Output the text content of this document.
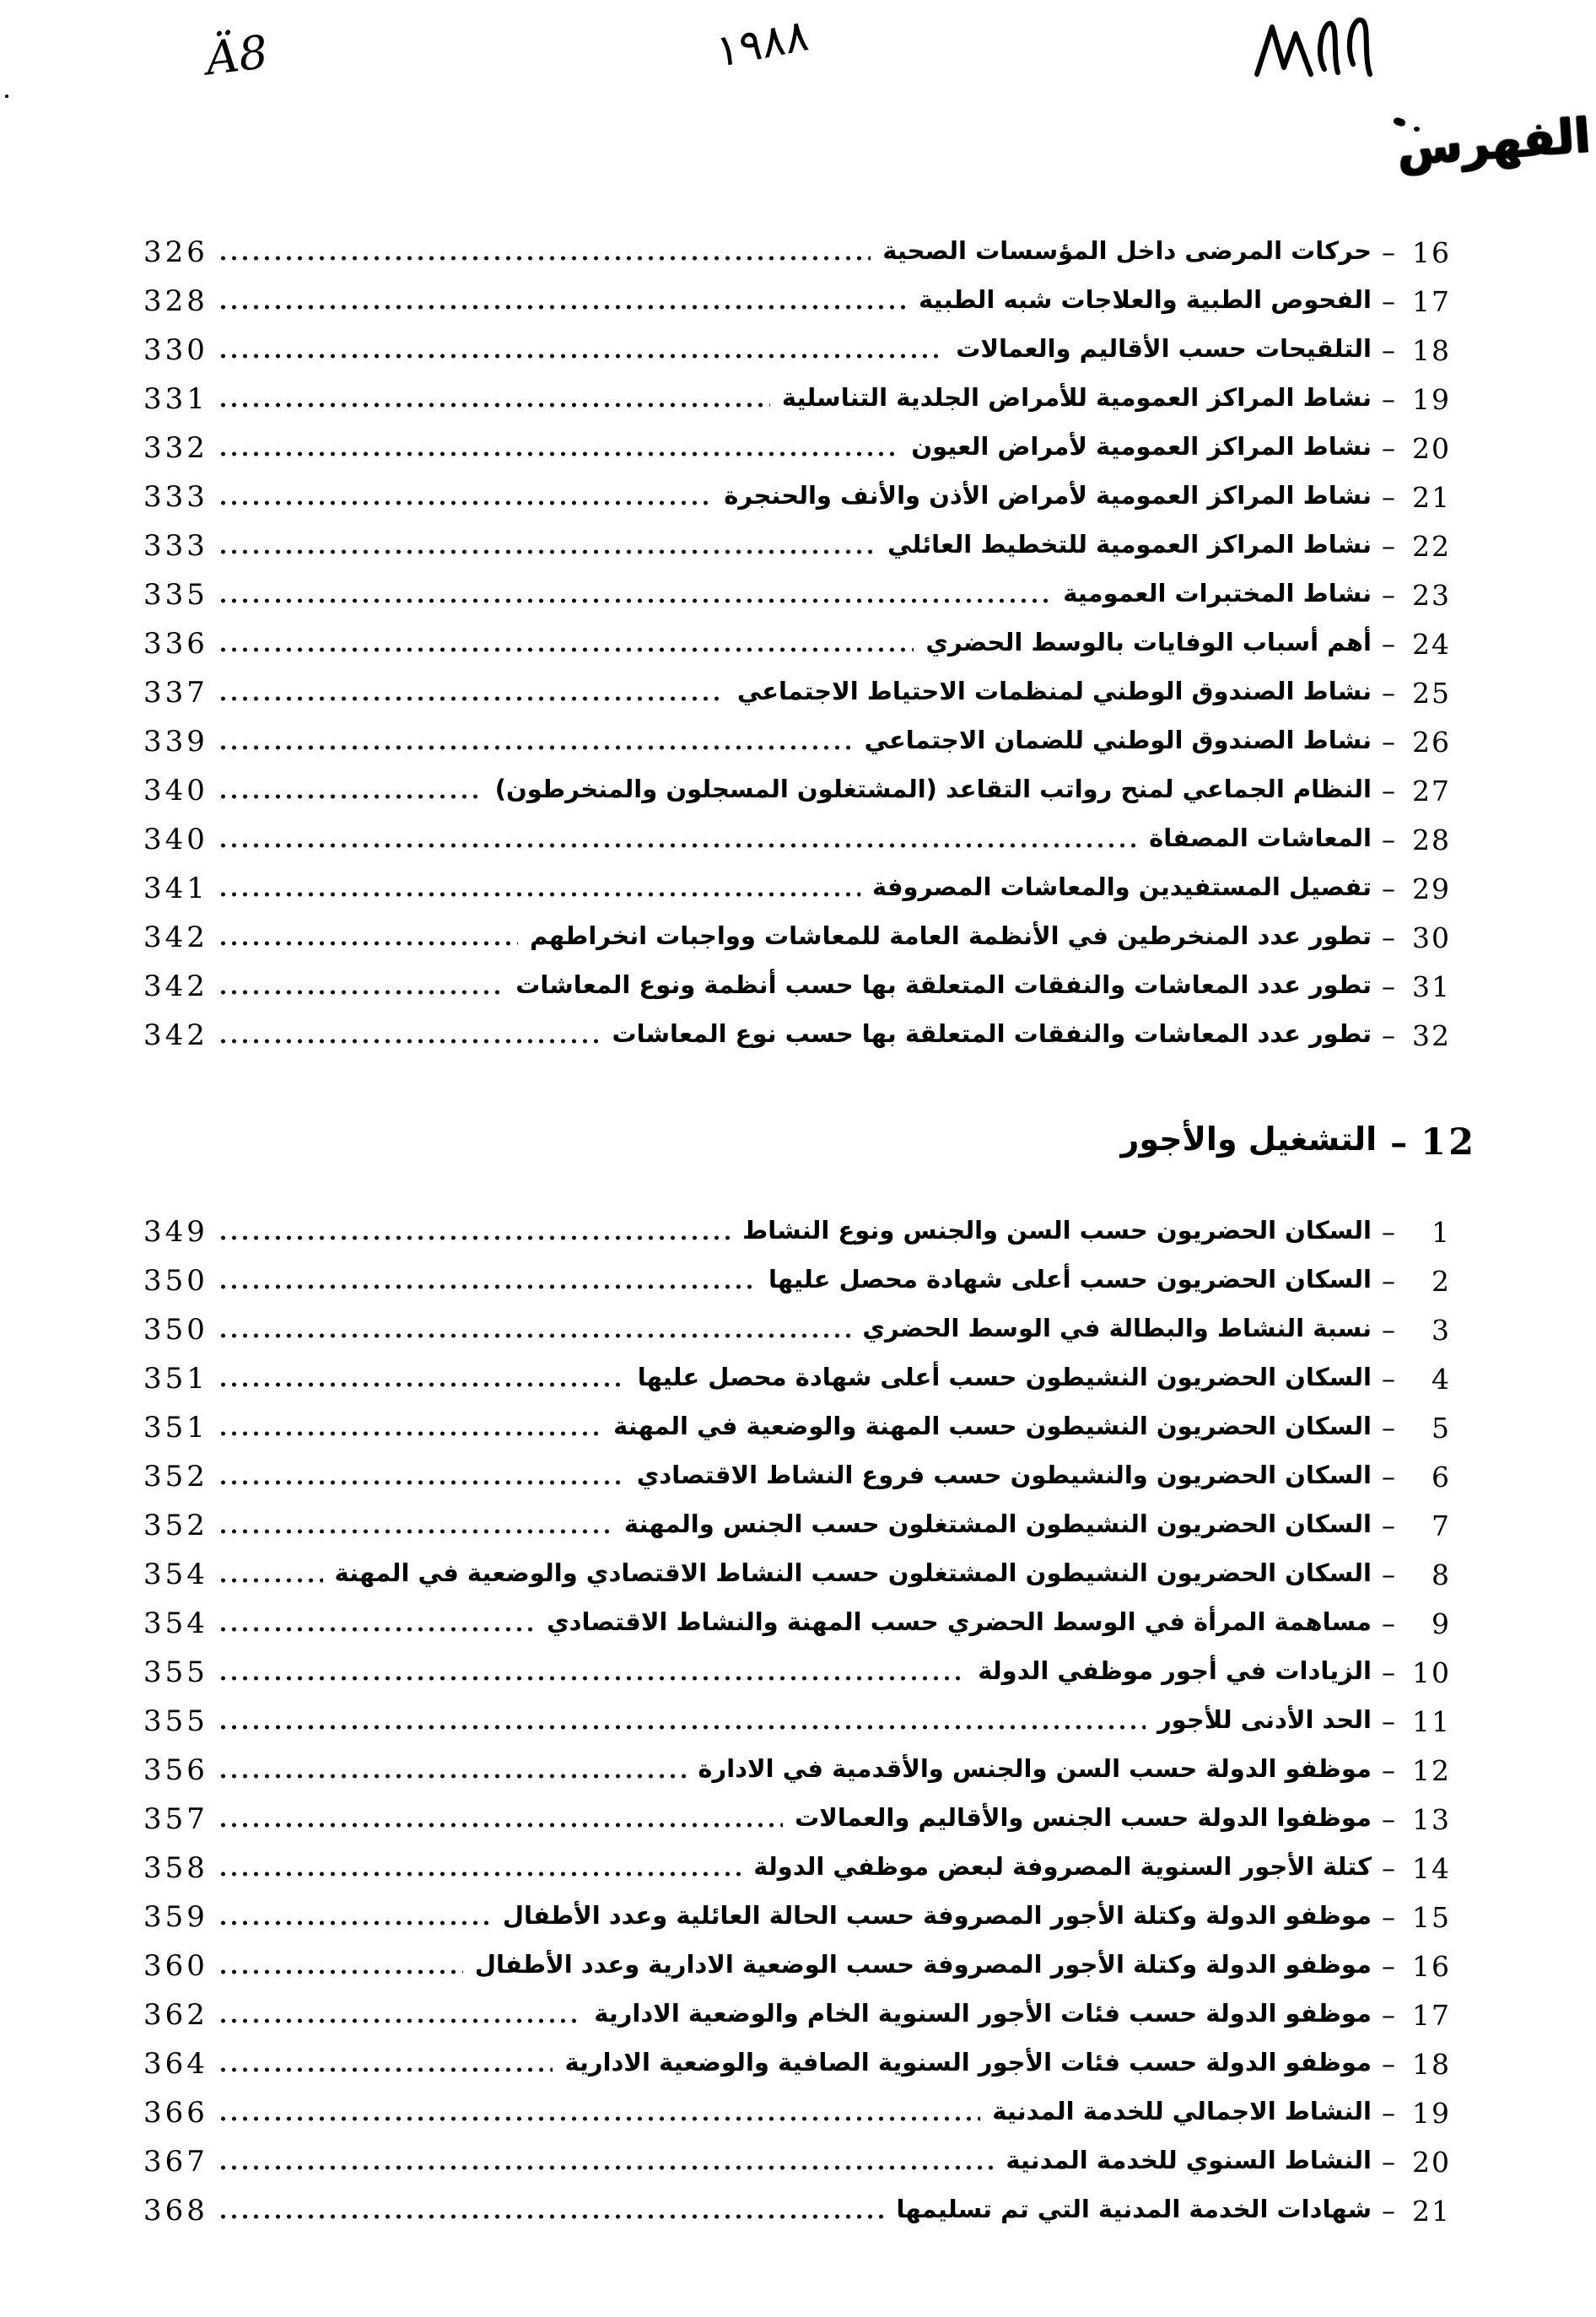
Ä8	١٩٨٨
الفهرس
16
–
حركات المرضى داخل المؤسسات الصحية
326
17
–
الفحوص الطبية والعلاجات شبه الطبية
328
18
–
التلقيحات حسب الأقاليم والعمالات
330
19
–
نشاط المراكز العمومية للأمراض الجلدية التناسلية
331
20
–
نشاط المراكز العمومية لأمراض العيون
332
21
–
نشاط المراكز العمومية لأمراض الأذن والأنف والحنجرة
333
22
–
نشاط المراكز العمومية للتخطيط العائلي
333
23
–
نشاط المختبرات العمومية
335
24
–
أهم أسباب الوفايات بالوسط الحضري
336
25
–
نشاط الصندوق الوطني لمنظمات الاحتياط الاجتماعي
337
26
–
نشاط الصندوق الوطني للضمان الاجتماعي
339
27
–
النظام الجماعي لمنح رواتب التقاعد (المشتغلون المسجلون والمنخرطون)
340
28
–
المعاشات المصفاة
340
29
–
تفصيل المستفيدين والمعاشات المصروفة
341
30
–
تطور عدد المنخرطين في الأنظمة العامة للمعاشات وواجبات انخراطهم
342
31
–
تطور عدد المعاشات والنفقات المتعلقة بها حسب أنظمة ونوع المعاشات
342
32
–
تطور عدد المعاشات والنفقات المتعلقة بها حسب نوع المعاشات
342
12
–
التشغيل والأجور
1
–
السكان الحضريون حسب السن والجنس ونوع النشاط
349
2
–
السكان الحضريون حسب أعلى شهادة محصل عليها
350
3
–
نسبة النشاط والبطالة في الوسط الحضري
350
4
–
السكان الحضريون النشيطون حسب أعلى شهادة محصل عليها
351
5
–
السكان الحضريون النشيطون حسب المهنة والوضعية في المهنة
351
6
–
السكان الحضريون والنشيطون حسب فروع النشاط الاقتصادي
352
7
–
السكان الحضريون النشيطون المشتغلون حسب الجنس والمهنة
352
8
–
السكان الحضريون النشيطون المشتغلون حسب النشاط الاقتصادي والوضعية في المهنة
354
9
–
مساهمة المرأة في الوسط الحضري حسب المهنة والنشاط الاقتصادي
354
10
–
الزيادات في أجور موظفي الدولة
355
11
–
الحد الأدنى للأجور
355
12
–
موظفو الدولة حسب السن والجنس والأقدمية في الادارة
356
13
–
موظفوا الدولة حسب الجنس والأقاليم والعمالات
357
14
–
كتلة الأجور السنوية المصروفة لبعض موظفي الدولة
358
15
–
موظفو الدولة وكتلة الأجور المصروفة حسب الحالة العائلية وعدد الأطفال
359
16
–
موظفو الدولة وكتلة الأجور المصروفة حسب الوضعية الادارية وعدد الأطفال
360
17
–
موظفو الدولة حسب فئات الأجور السنوية الخام والوضعية الادارية
362
18
–
موظفو الدولة حسب فئات الأجور السنوية الصافية والوضعية الادارية
364
19
–
النشاط الاجمالي للخدمة المدنية
366
20
–
النشاط السنوي للخدمة المدنية
367
21
–
شهادات الخدمة المدنية التي تم تسليمها
368
